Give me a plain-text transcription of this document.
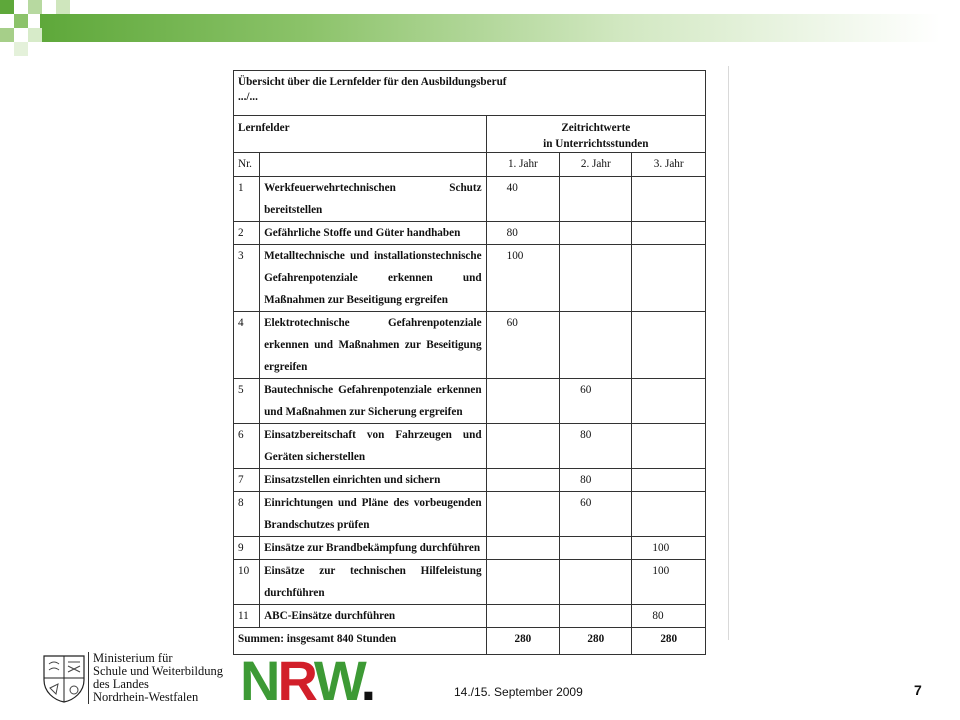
Übersicht über die Lernfelder für den Ausbildungsberuf
.../...				

Lernfelder		Zeitrichtwerte
in Unterrichtsstunden		

Nr.		1. Jahr	2. Jahr	3. Jahr
1	Werkfeuerwehrtechnischen Schutz bereitstellen	40		
2	Gefährliche Stoffe und Güter handhaben	80		
3	Metalltechnische und installationstechnische Gefahrenpotenziale erkennen und Maßnahmen zur Beseitigung ergreifen	100		
4	Elektrotechnische Gefahrenpotenziale erkennen und Maßnahmen zur Beseitigung ergreifen	60		
5	Bautechnische Gefahrenpotenziale erkennen und Maßnahmen zur Sicherung ergreifen		60	
6	Einsatzbereitschaft von Fahrzeugen und Geräten sicherstellen		80	
7	Einsatzstellen einrichten und sichern		80	
8	Einrichtungen und Pläne des vorbeugenden Brandschutzes prüfen		60	
9	Einsätze zur Brandbekämpfung durchführen			100
10	Einsätze zur technischen Hilfeleistung durchführen			100
11	ABC-Einsätze durchführen			80
Summen: insgesamt 840 Stunden		280	280	280
Ministerium für
Schule und Weiterbildung
des Landes
Nordrhein-Westfalen NRW.	14./15. September 2009	7
